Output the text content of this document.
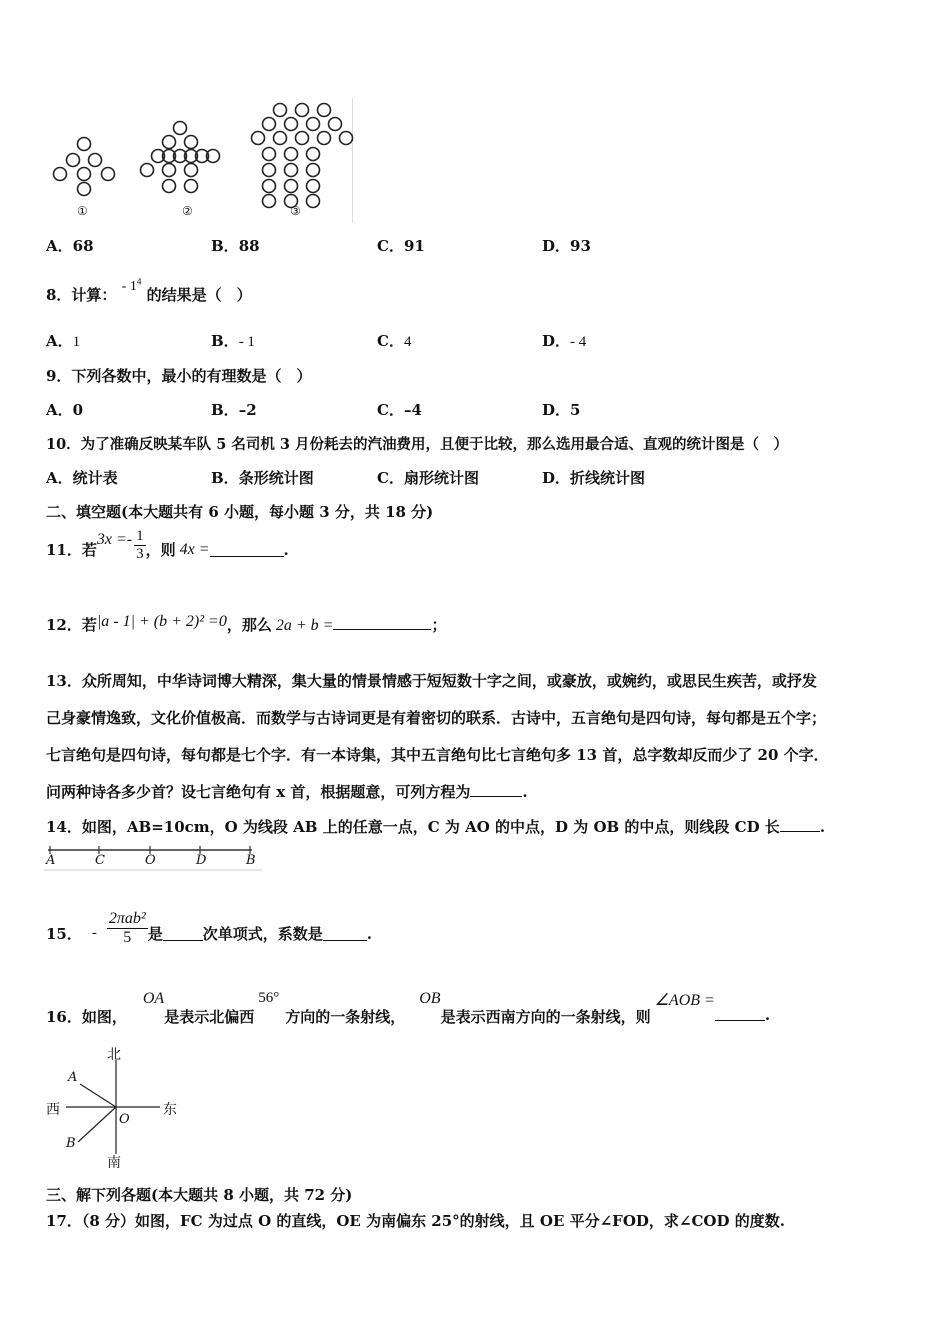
①	②	③
A．68	B．88	C．91	D．93
8．计算： - $1^4$ 的结果是（　）
A．1	B．- 1	C．4	D．- 4
9．下列各数中，最小的有理数是（　）
A．0	B．–2	C．–4	D．5
10．为了准确反映某车队 5 名司机 3 月份耗去的汽油费用，且便于比较，那么选用最合适、直观的统计图是（　）
A．统计表	B．条形统计图	C．扇形统计图	D．折线统计图
二、填空题(本大题共有 6 小题，每小题 3 分，共 18 分)
11．若
$3x =- \frac{1}{3}$ ，则 4x =	.
12．若|a - 1| + (b + 2)² =0，那么 2a + b =	；
13．众所周知，中华诗词博大精深，集大量的情景情感于短短数十字之间，或豪放，或婉约，或思民生疾苦，或抒发
己身豪情逸致，文化价值极高．而数学与古诗词更是有着密切的联系．古诗中，五言绝句是四句诗，每句都是五个字；
七言绝句是四句诗，每句都是七个字．有一本诗集，其中五言绝句比七言绝句多 13 首，总字数却反而少了 20 个字．
问两种诗各多少首？设七言绝句有 x 首，根据题意，可列方程为	.
14．如图，AB=10cm，O 为线段 AB 上的任意一点，C 为 AO 的中点，D 为 OB 的中点，则线段 CD 长	.
A	C	O	D	B
15． - $\frac{\text{2πab²}}{5}$ 是	次单项式，系数是	.
16．如图，
OA
是表示北偏西
56°
方向的一条射线，
OB
是表示西南方向的一条射线，则
∠AOB =
.
北
南
西	东
A
B
O
三、解下列各题(本大题共 8 小题，共 72 分)
17．（8 分）如图，FC 为过点 O 的直线，OE 为南偏东 25°的射线，且 OE 平分∠FOD，求∠COD 的度数.
